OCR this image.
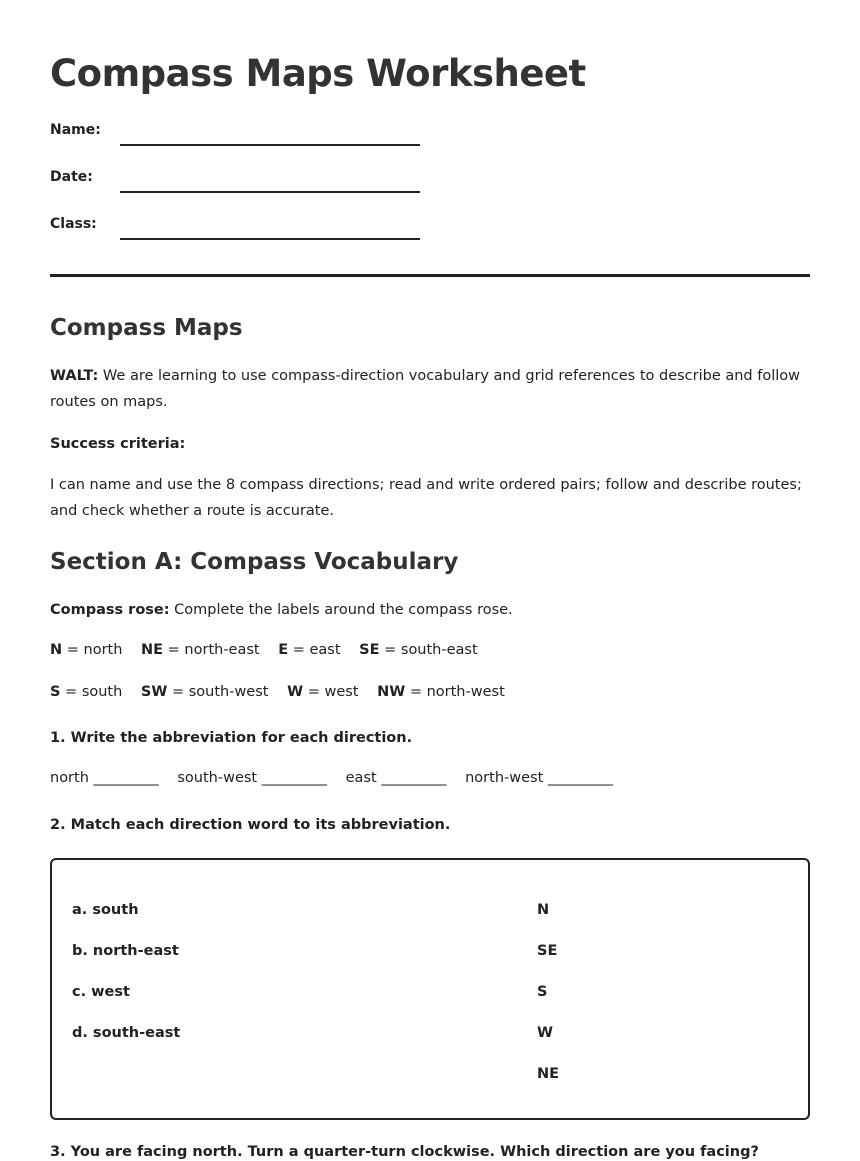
Compass Maps Worksheet
Name:
Date:
Class:
Compass Maps
WALT: We are learning to use compass-direction vocabulary and grid references to describe and follow routes on maps.
Success criteria:
I can name and use the 8 compass directions; read and write ordered pairs; follow and describe routes; and check whether a route is accurate.
Section A: Compass Vocabulary
Compass rose: Complete the labels around the compass rose.
N = north NE = north-east E = east SE = south-east
S = south SW = south-west W = west NW = north-west
1. Write the abbreviation for each direction.
north _________ south-west _________ east _________ north-west _________
2. Match each direction word to its abbreviation.
a. south
b. north-east
c. west
d. south-east
N
SE
S
W
NE
3. You are facing north. Turn a quarter-turn clockwise. Which direction are you facing?
